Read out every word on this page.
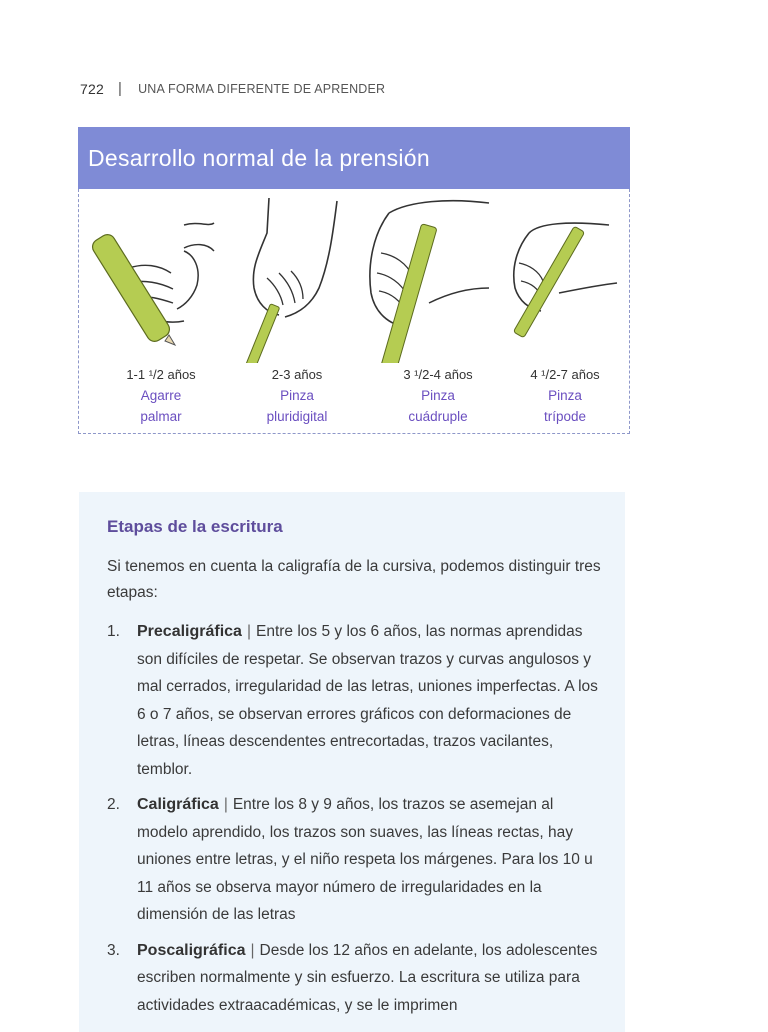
722 | UNA FORMA DIFERENTE DE APRENDER
Desarrollo normal de la prensión
1-1 ¹/2 años
Agarre
palmar
2-3 años
Pinza
pluridigital
3 ¹/2-4 años
Pinza
cuádruple
4 ¹/2-7 años
Pinza
trípode
Etapas de la escritura
Si tenemos en cuenta la caligrafía de la cursiva, podemos distinguir tres etapas:
1. Precaligráfica | Entre los 5 y los 6 años, las normas aprendidas son difíciles de respetar. Se observan trazos y curvas angulosos y mal cerrados, irregularidad de las letras, uniones imperfectas. A los 6 o 7 años, se observan errores gráficos con deformaciones de letras, líneas descendentes entrecortadas, trazos vacilantes, temblor.
2. Caligráfica | Entre los 8 y 9 años, los trazos se asemejan al modelo aprendido, los trazos son suaves, las líneas rectas, hay uniones entre letras, y el niño respeta los márgenes. Para los 10 u 11 años se observa mayor número de irregularidades en la dimensión de las letras
3. Poscaligráfica | Desde los 12 años en adelante, los adolescentes escriben normalmente y sin esfuerzo. La escritura se utiliza para actividades extraacadémicas, y se le imprimen
